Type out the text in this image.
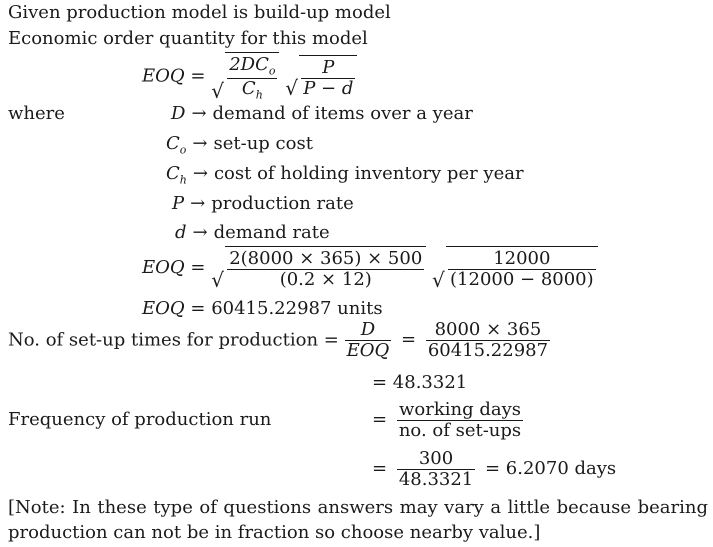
Given production model is build-up model
Economic order quantity for this model
EOQ =
√ $\frac{2DC_o}{C_h}$
√ $\frac{P}{P - d}$
where	D → demand of items over a year
$C_o \to set-up$ cost
$C_h \to \cos t$ of holding inventory per year
P → production rate
d → demand rate
EOQ =
√ $\frac{2(8000 \times 365) \times 500}{(0.2 \times 12)}$
√ $\frac{12000}{(12000 - 8000)}$
EOQ = 60415.22987 units
No. of set-up times for production = $\frac{D}{\text{EOQ}} = \frac{8000 \times 365}{60415.22987}$
= 48.3321
Frequency of production run	= $\frac{\text{working days}}{\text{no. of set-ups}}$
= $\frac{300}{48.3321} = 6.2070$ days
[Note: In these type of questions answers may vary a little because bearing production can not be in fraction so choose nearby value.]
